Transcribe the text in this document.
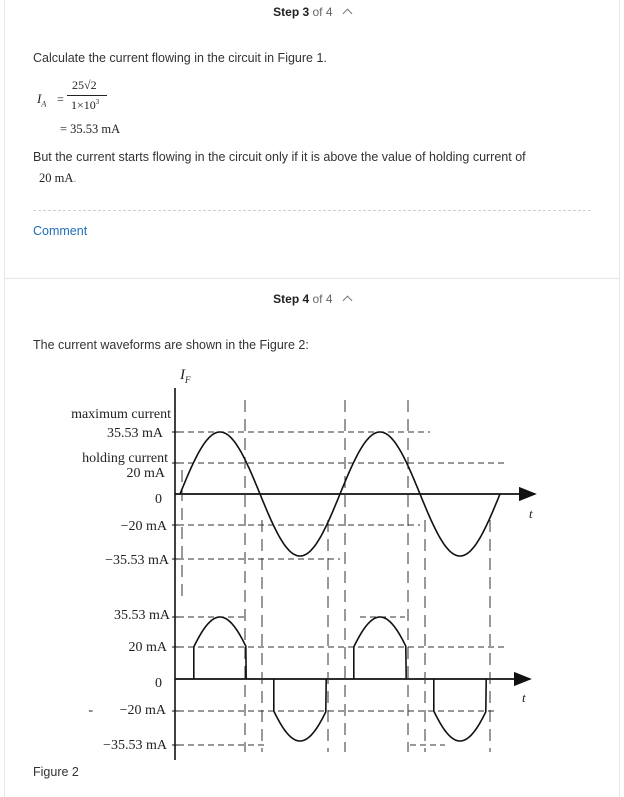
Step 3 of 4
Calculate the current flowing in the circuit in Figure 1.
$I_A$ =
25√2
$1\times 10^3$
= 35.53 mA
But the current starts flowing in the circuit only if it is above the value of holding current of
20 mA.
Comment
Step 4 of 4
The current waveforms are shown in the Figure 2:
Figure 2
maximum current
35.53 mA
holding current
20 mA
0
−20 mA
−35.53 mA
35.53 mA
20 mA
0
−20 mA
-
−35.53 mA
$I_F$
t
t
